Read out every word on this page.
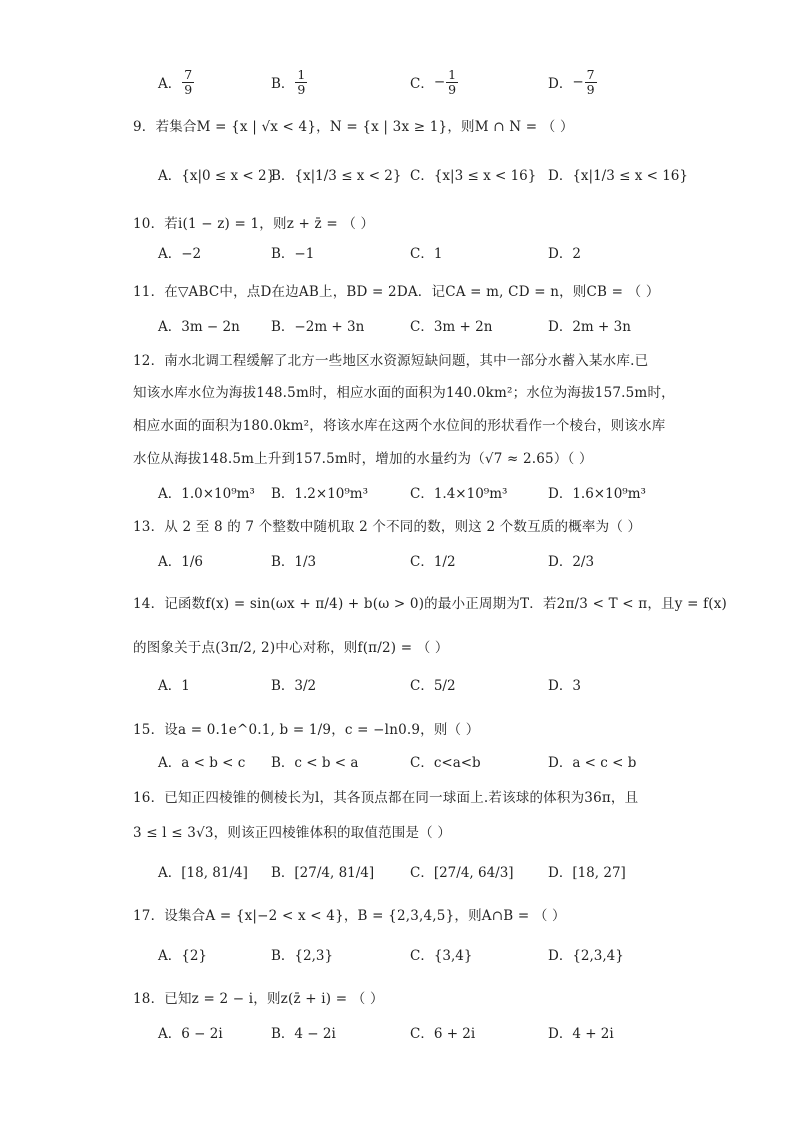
A． $\frac{7}{9}$	B． $\frac{1}{9}$	C． − $\frac{1}{9}$	D． − $\frac{7}{9}$
9．若集合M = {x | √x < 4}，N = {x | 3x ≥ 1}，则M ∩ N = （ ）
A．{x|0 ≤ x < 2}
B．{x|1/3 ≤ x < 2} C．{x|3 ≤ x < 16} D．{x|1/3 ≤ x < 16}
10．若i(1 − z) = 1，则z + z̄ = （ ）
A．−2	B．−1	C．1	D．2
11．在▽ABC中，点D在边AB上，BD = 2DA．记CA = m, CD = n，则CB = （ ）
A．3m − 2n B．−2m + 3n	C．3m + 2n	D．2m + 3n
12．南水北调工程缓解了北方一些地区水资源短缺问题，其中一部分水蓄入某水库.已
知该水库水位为海拔148.5m时，相应水面的面积为140.0km²；水位为海拔157.5m时，
相应水面的面积为180.0km²，将该水库在这两个水位间的形状看作一个棱台，则该水库
水位从海拔148.5m上升到157.5m时，增加的水量约为（√7 ≈ 2.65）（ ）
A．1.0×10⁹m³ B．1.2×10⁹m³	C．1.4×10⁹m³	D．1.6×10⁹m³
13．从 2 至 8 的 7 个整数中随机取 2 个不同的数，则这 2 个数互质的概率为（ ）
A．1/6	B．1/3	C．1/2	D．2/3
14．记函数f(x) = sin(ωx + π/4) + b(ω > 0)的最小正周期为T．若2π/3 < T < π，且y = f(x)
的图象关于点(3π/2, 2)中心对称，则f(π/2) = （ ）
A．1	B．3/2	C．5/2	D．3
15．设a = 0.1e^0.1, b = 1/9，c = −ln0.9，则（ ）
A．a < b < c B．c < b < a	C．c<a<b	D．a < c < b
16．已知正四棱锥的侧棱长为l，其各顶点都在同一球面上.若该球的体积为36π，且
3 ≤ l ≤ 3√3，则该正四棱锥体积的取值范围是（ ）
A．[18, 81/4] B．[27/4, 81/4]	C．[27/4, 64/3]	D．[18, 27]
17．设集合A = {x|−2 < x < 4}，B = {2,3,4,5}，则A∩B = （ ）
A．{2}	B．{2,3}	C．{3,4}	D．{2,3,4}
18．已知z = 2 − i，则z(z̄ + i) = （ ）
A．6 − 2i	B．4 − 2i	C．6 + 2i	D．4 + 2i
